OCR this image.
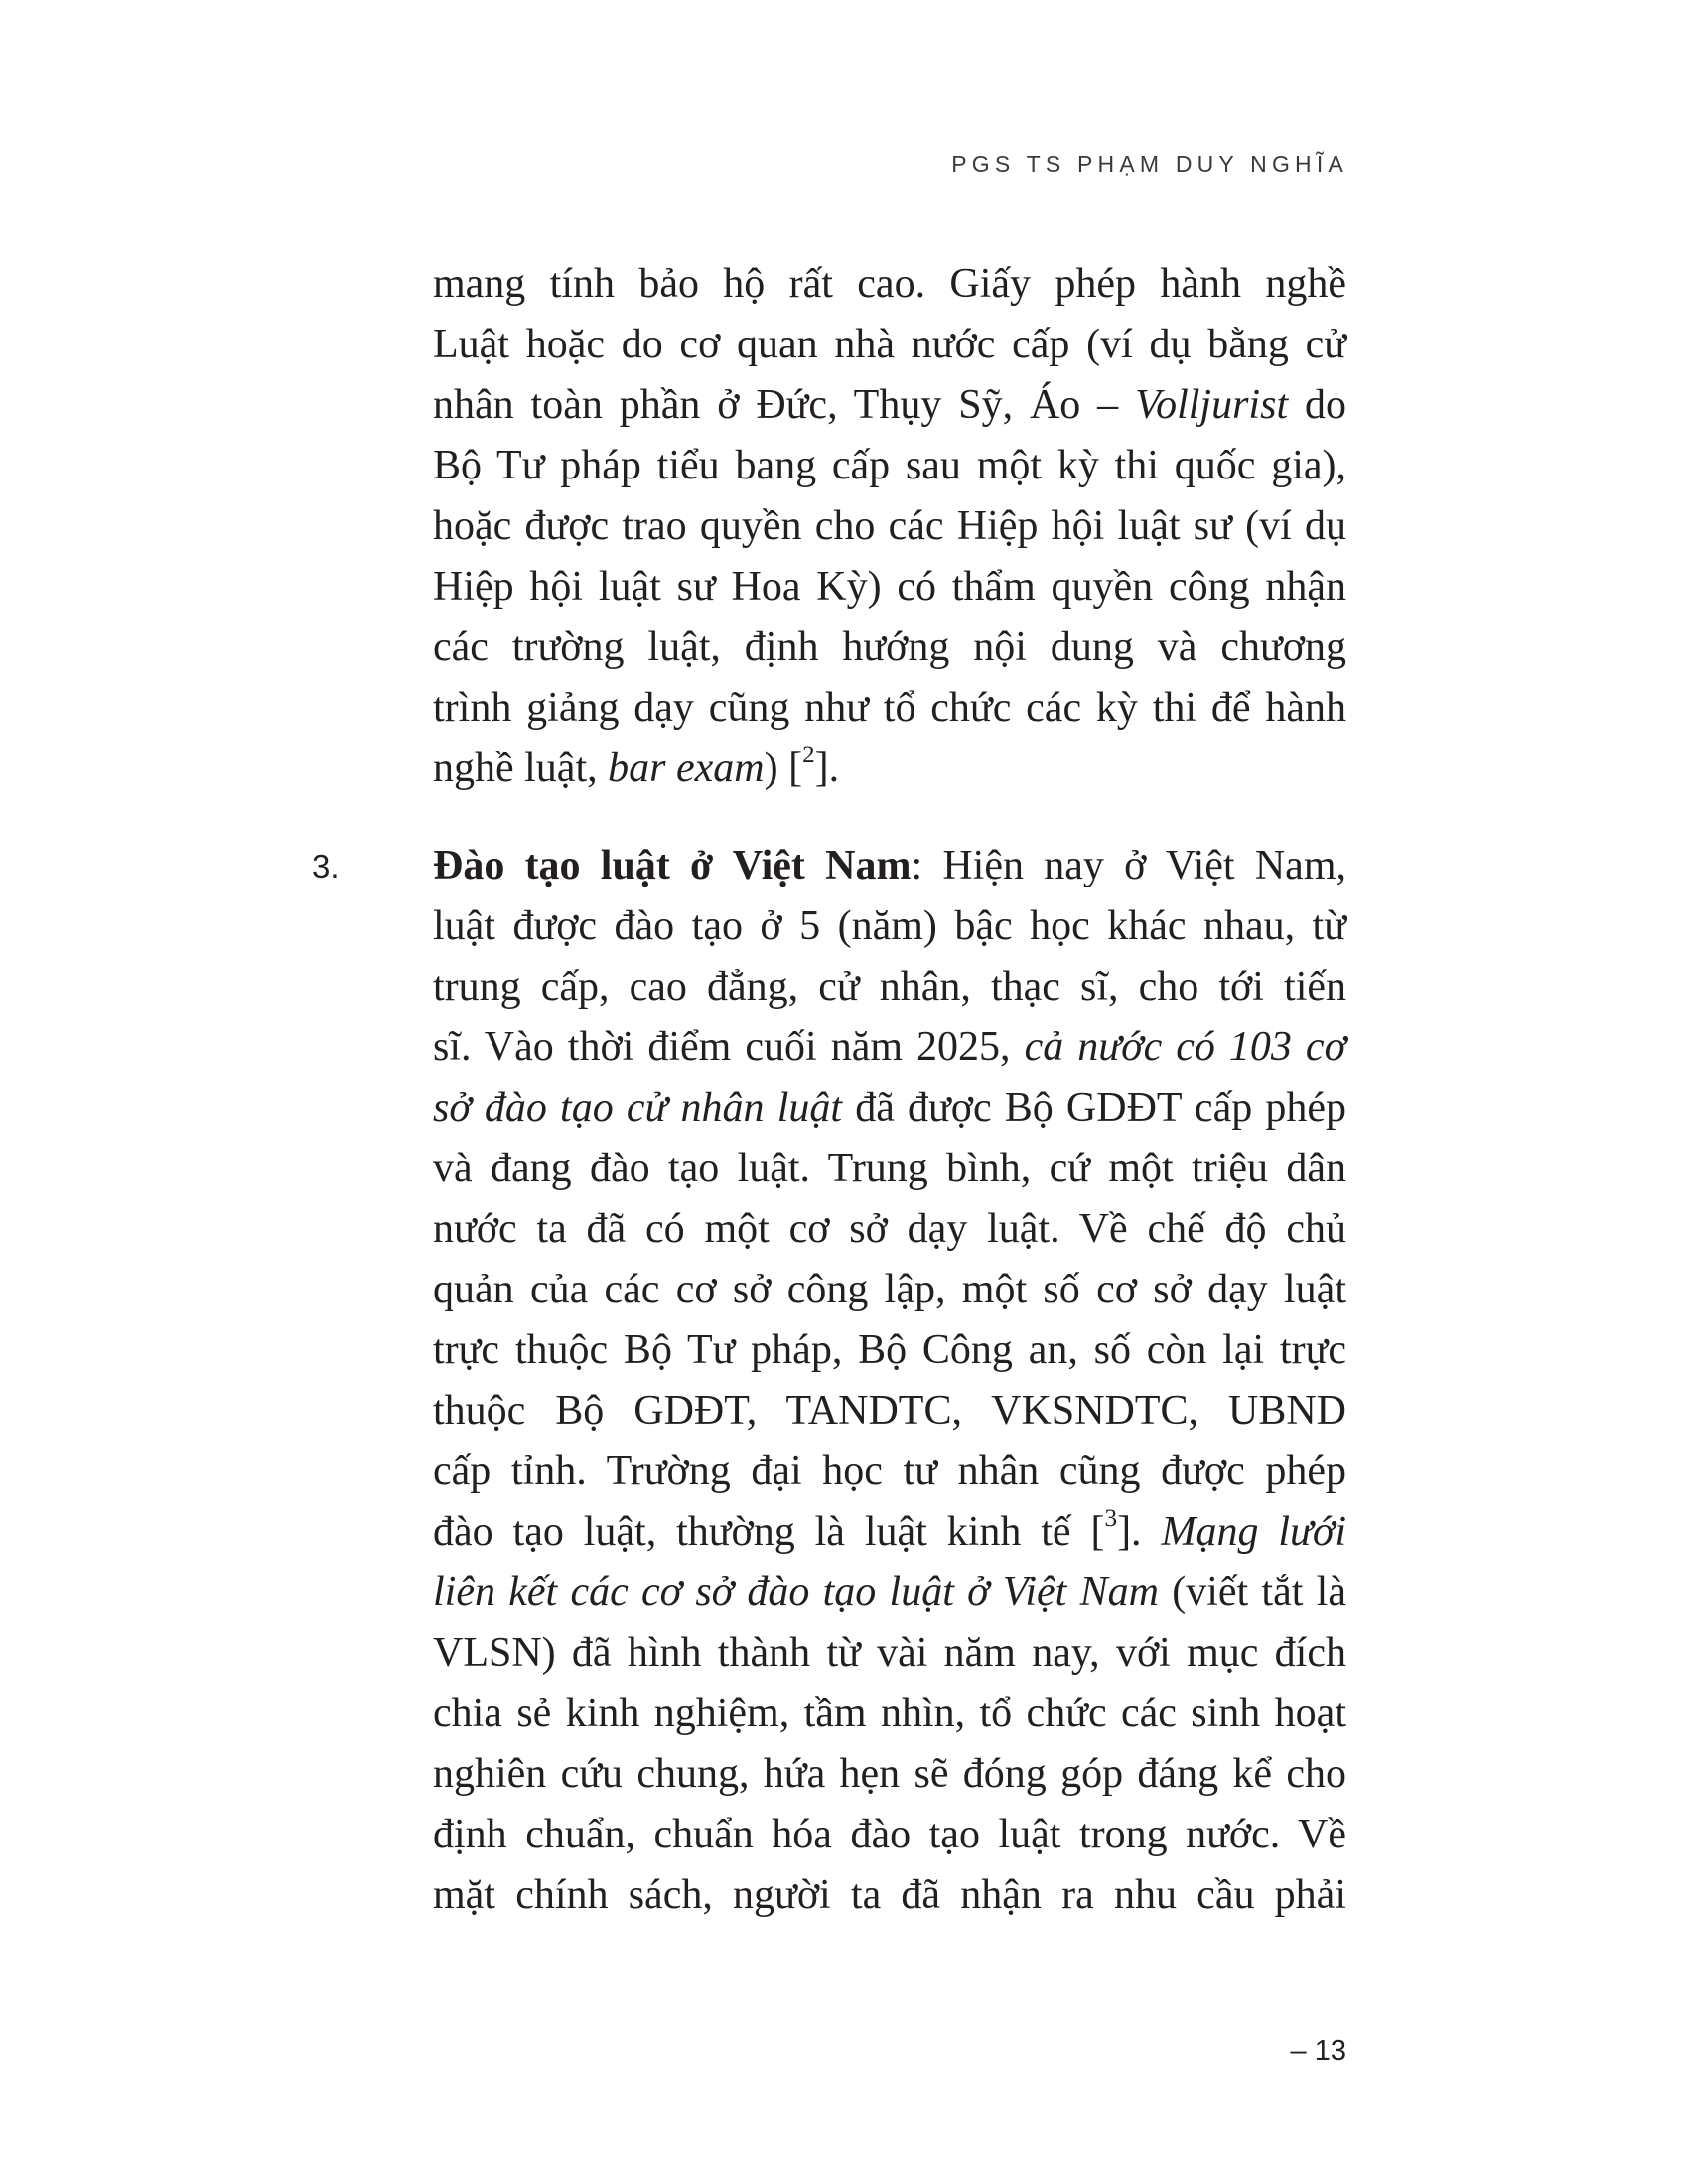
PGS TS PHẠM DUY NGHĨA
mang tính bảo hộ rất cao. Giấy phép hành nghề
Luật hoặc do cơ quan nhà nước cấp (ví dụ bằng cử
nhân toàn phần ở Đức, Thụy Sỹ, Áo – Volljurist do
Bộ Tư pháp tiểu bang cấp sau một kỳ thi quốc gia),
hoặc được trao quyền cho các Hiệp hội luật sư (ví dụ
Hiệp hội luật sư Hoa Kỳ) có thẩm quyền công nhận
các trường luật, định hướng nội dung và chương
trình giảng dạy cũng như tổ chức các kỳ thi để hành
nghề luật, bar exam) [$^2$].
3. Đào tạo luật ở Việt Nam: Hiện nay ở Việt Nam,
luật được đào tạo ở 5 (năm) bậc học khác nhau, từ
trung cấp, cao đẳng, cử nhân, thạc sĩ, cho tới tiến
sĩ. Vào thời điểm cuối năm 2025, cả nước có 103 cơ
sở đào tạo cử nhân luật đã được Bộ GDĐT cấp phép
và đang đào tạo luật. Trung bình, cứ một triệu dân
nước ta đã có một cơ sở dạy luật. Về chế độ chủ
quản của các cơ sở công lập, một số cơ sở dạy luật
trực thuộc Bộ Tư pháp, Bộ Công an, số còn lại trực
thuộc Bộ GDĐT, TANDTC, VKSNDTC, UBND
cấp tỉnh. Trường đại học tư nhân cũng được phép
đào tạo luật, thường là luật kinh tế [$^3$]. Mạng lưới
liên kết các cơ sở đào tạo luật ở Việt Nam (viết tắt là
VLSN) đã hình thành từ vài năm nay, với mục đích
chia sẻ kinh nghiệm, tầm nhìn, tổ chức các sinh hoạt
nghiên cứu chung, hứa hẹn sẽ đóng góp đáng kể cho
định chuẩn, chuẩn hóa đào tạo luật trong nước. Về
mặt chính sách, người ta đã nhận ra nhu cầu phải
– 13
